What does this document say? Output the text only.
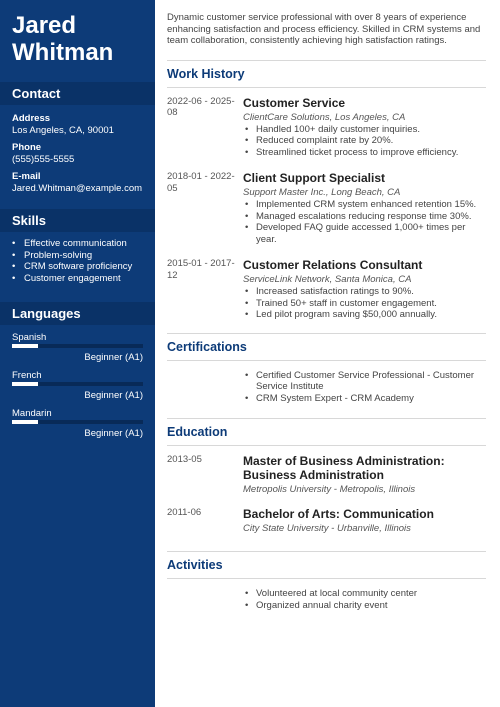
Jared
Whitman
Contact
Address
Los Angeles, CA, 90001
Phone
(555)555-5555
E-mail
Jared.Whitman@example.com
Skills
• Effective communication
• Problem-solving
• CRM software proficiency
• Customer engagement
Languages
Spanish
Beginner (A1)
French
Beginner (A1)
Mandarin
Beginner (A1)
Dynamic customer service professional with over 8 years of experience enhancing satisfaction and process efficiency. Skilled in CRM systems and team collaboration, consistently achieving high satisfaction ratings.
Work History
2022-06 - 2025-08
Customer Service
ClientCare Solutions, Los Angeles, CA
• Handled 100+ daily customer inquiries.
• Reduced complaint rate by 20%.
• Streamlined ticket process to improve efficiency.
2018-01 - 2022-05
Client Support Specialist
Support Master Inc., Long Beach, CA
• Implemented CRM system enhanced retention 15%.
• Managed escalations reducing response time 30%.
• Developed FAQ guide accessed 1,000+ times per year.
2015-01 - 2017-12
Customer Relations Consultant
ServiceLink Network, Santa Monica, CA
• Increased satisfaction ratings to 90%.
• Trained 50+ staff in customer engagement.
• Led pilot program saving $50,000 annually.
Certifications
• Certified Customer Service Professional - Customer Service Institute
• CRM System Expert - CRM Academy
Education
2013-05	Master of Business Administration: Business Administration
Metropolis University - Metropolis, Illinois
2011-06	Bachelor of Arts: Communication
City State University - Urbanville, Illinois
Activities
• Volunteered at local community center
• Organized annual charity event
